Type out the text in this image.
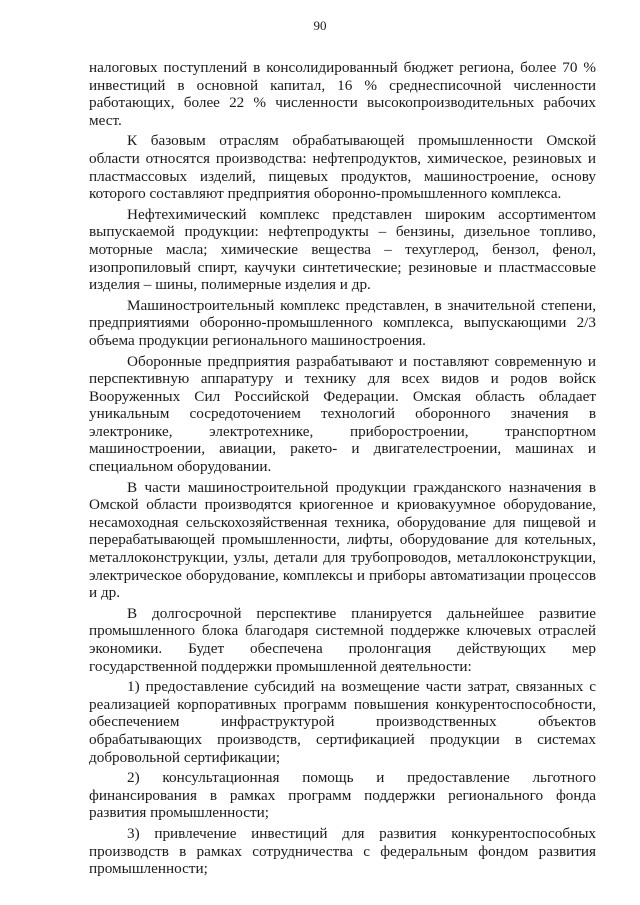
90

налоговых поступлений в консолидированный бюджет региона, более 70 % инвестиций в основной капитал, 16 % среднесписочной численности работающих, более 22 % численности высокопроизводительных рабочих мест.

К базовым отраслям обрабатывающей промышленности Омской области относятся производства: нефтепродуктов, химическое, резиновых и пластмассовых изделий, пищевых продуктов, машиностроение, основу которого составляют предприятия оборонно-промышленного комплекса.

Нефтехимический комплекс представлен широким ассортиментом выпускаемой продукции: нефтепродукты – бензины, дизельное топливо, моторные масла; химические вещества – техуглерод, бензол, фенол, изопропиловый спирт, каучуки синтетические; резиновые и пластмассовые изделия – шины, полимерные изделия и др.

Машиностроительный комплекс представлен, в значительной степени, предприятиями оборонно-промышленного комплекса, выпускающими 2/3 объема продукции регионального машиностроения.

Оборонные предприятия разрабатывают и поставляют современную и перспективную аппаратуру и технику для всех видов и родов войск Вооруженных Сил Российской Федерации. Омская область обладает уникальным сосредоточением технологий оборонного значения в электронике, электротехнике, приборостроении, транспортном машиностроении, авиации, ракето- и двигателестроении, машинах и специальном оборудовании.

В части машиностроительной продукции гражданского назначения в Омской области производятся криогенное и криовакуумное оборудование, несамоходная сельскохозяйственная техника, оборудование для пищевой и перерабатывающей промышленности, лифты, оборудование для котельных, металлоконструкции, узлы, детали для трубопроводов, металлоконструкции, электрическое оборудование, комплексы и приборы автоматизации процессов и др.

В долгосрочной перспективе планируется дальнейшее развитие промышленного блока благодаря системной поддержке ключевых отраслей экономики. Будет обеспечена пролонгация действующих мер государственной поддержки промышленной деятельности:

1) предоставление субсидий на возмещение части затрат, связанных с реализацией корпоративных программ повышения конкурентоспособности, обеспечением инфраструктурой производственных объектов обрабатывающих производств, сертификацией продукции в системах добровольной сертификации;

2) консультационная помощь и предоставление льготного финансирования в рамках программ поддержки регионального фонда развития промышленности;

3) привлечение инвестиций для развития конкурентоспособных производств в рамках сотрудничества с федеральным фондом развития промышленности;
